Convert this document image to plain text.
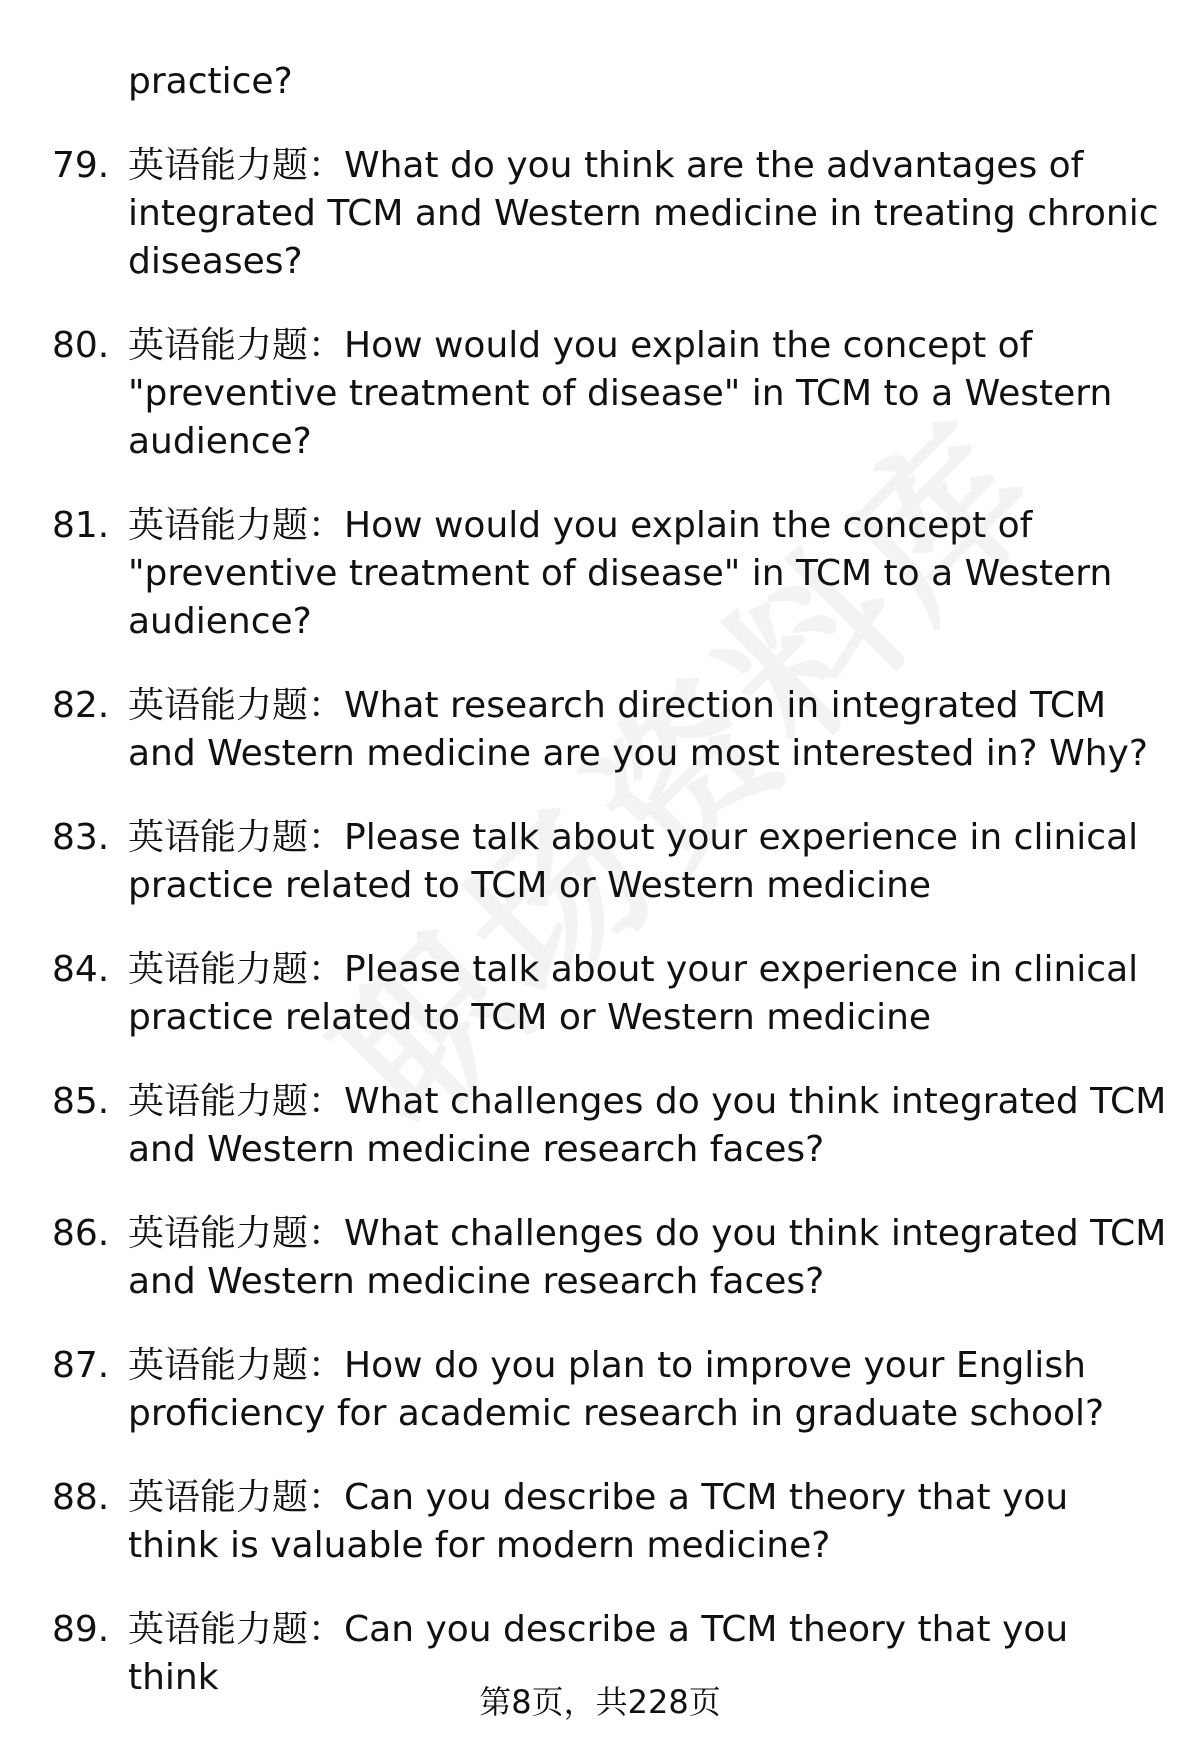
practice?
79. 英语能力题：What do you think are the advantages of integrated TCM and Western medicine in treating chronic diseases?
80. 英语能力题：How would you explain the concept of "preventive treatment of disease" in TCM to a Western audience?
81. 英语能力题：How would you explain the concept of "preventive treatment of disease" in TCM to a Western audience?
82. 英语能力题：What research direction in integrated TCM and Western medicine are you most interested in? Why?
83. 英语能力题：Please talk about your experience in clinical practice related to TCM or Western medicine
84. 英语能力题：Please talk about your experience in clinical practice related to TCM or Western medicine
85. 英语能力题：What challenges do you think integrated TCM and Western medicine research faces?
86. 英语能力题：What challenges do you think integrated TCM and Western medicine research faces?
87. 英语能力题：How do you plan to improve your English proficiency for academic research in graduate school?
88. 英语能力题：Can you describe a TCM theory that you think is valuable for modern medicine?
89. 英语能力题：Can you describe a TCM theory that you think
第8页，共228页
